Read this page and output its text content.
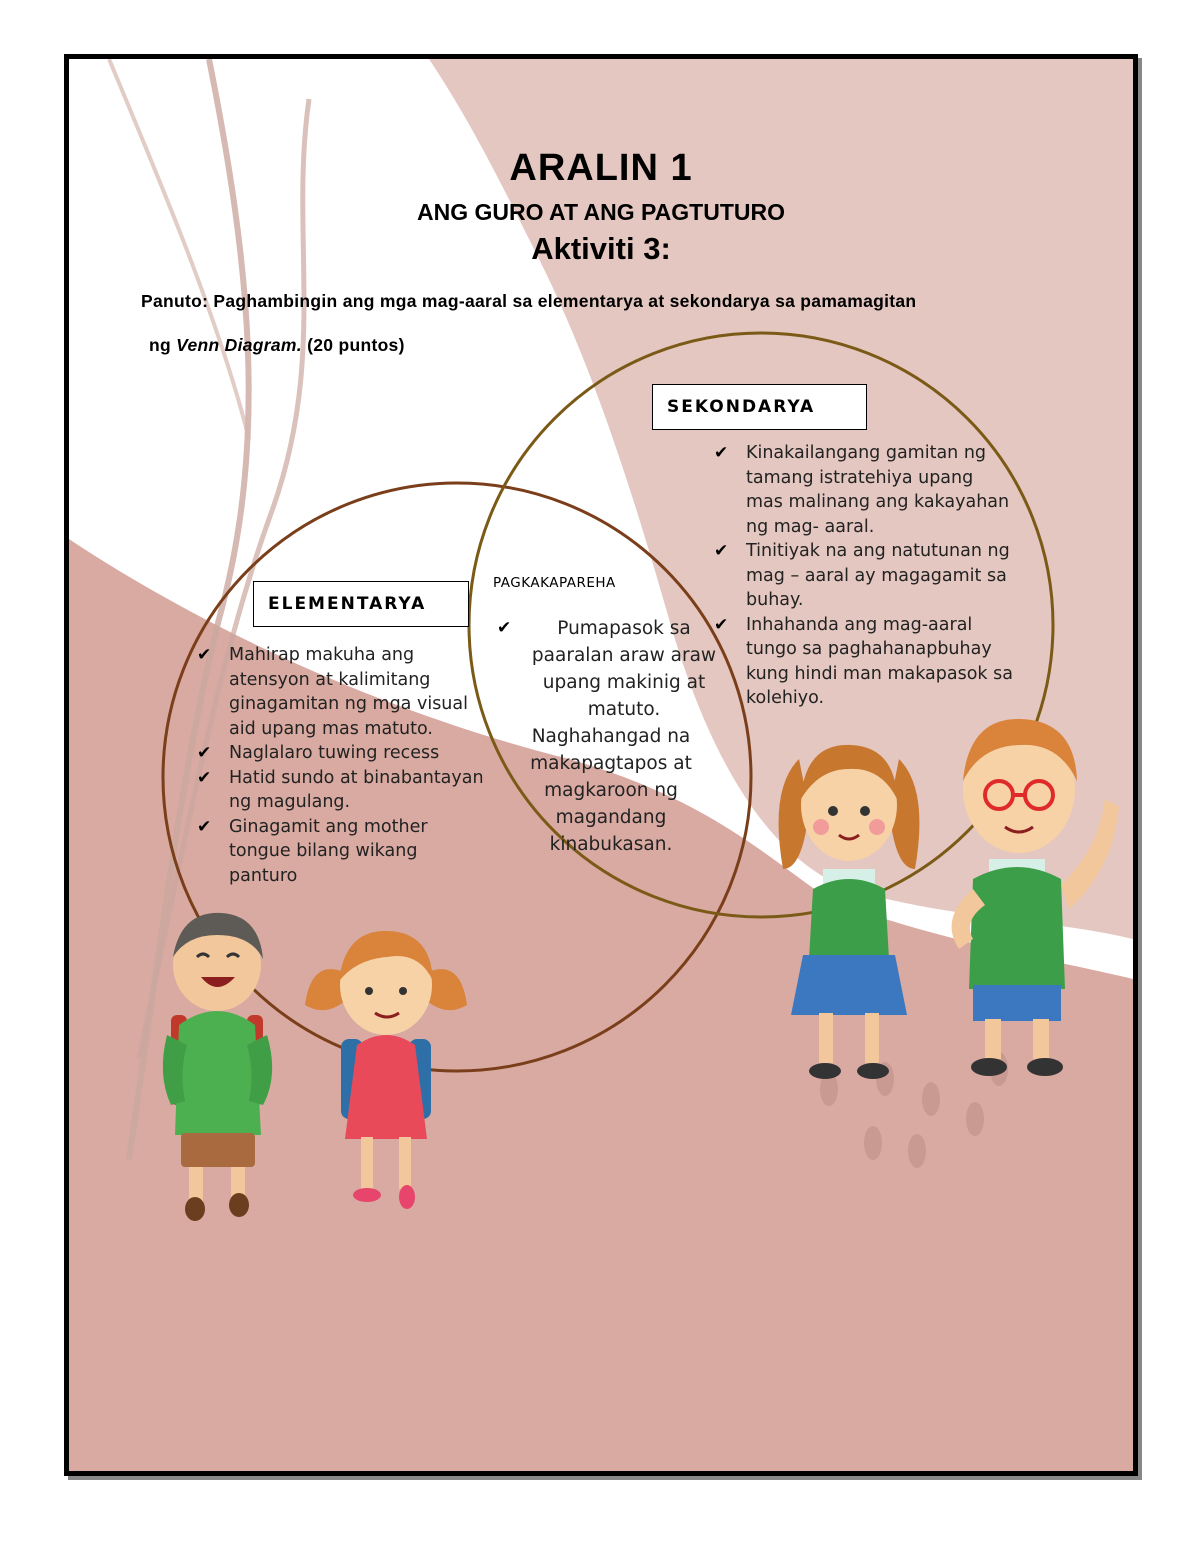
ARALIN 1
ANG GURO AT ANG PAGTUTURO
Aktiviti 3:
Panuto: Paghambingin ang mga mag-aaral sa elementarya at sekondarya sa pamamagitan
ng Venn Diagram. (20 puntos)
SEKONDARYA
ELEMENTARYA
PAGKAKAPAREHA
✔ Kinakailangang gamitan ng tamang istratehiya upang mas malinang ang kakayahan ng mag- aaral.
✔ Tinitiyak na ang natutunan ng mag – aaral ay magagamit sa buhay.
✔ Inhahanda ang mag-aaral tungo sa paghahanapbuhay kung hindi man makapasok sa kolehiyo.
✔ Mahirap makuha ang atensyon at kalimitang ginagamitan ng mga visual aid upang mas matuto.
✔ Naglalaro tuwing recess
✔ Hatid sundo at binabantayan ng magulang.
✔ Ginagamit ang mother tongue bilang wikang panturo
✔ Pumapasok sa paaralan araw araw upang makinig at matuto.
Naghahangad na makapagtapos at magkaroon ng magandang kinabukasan.
